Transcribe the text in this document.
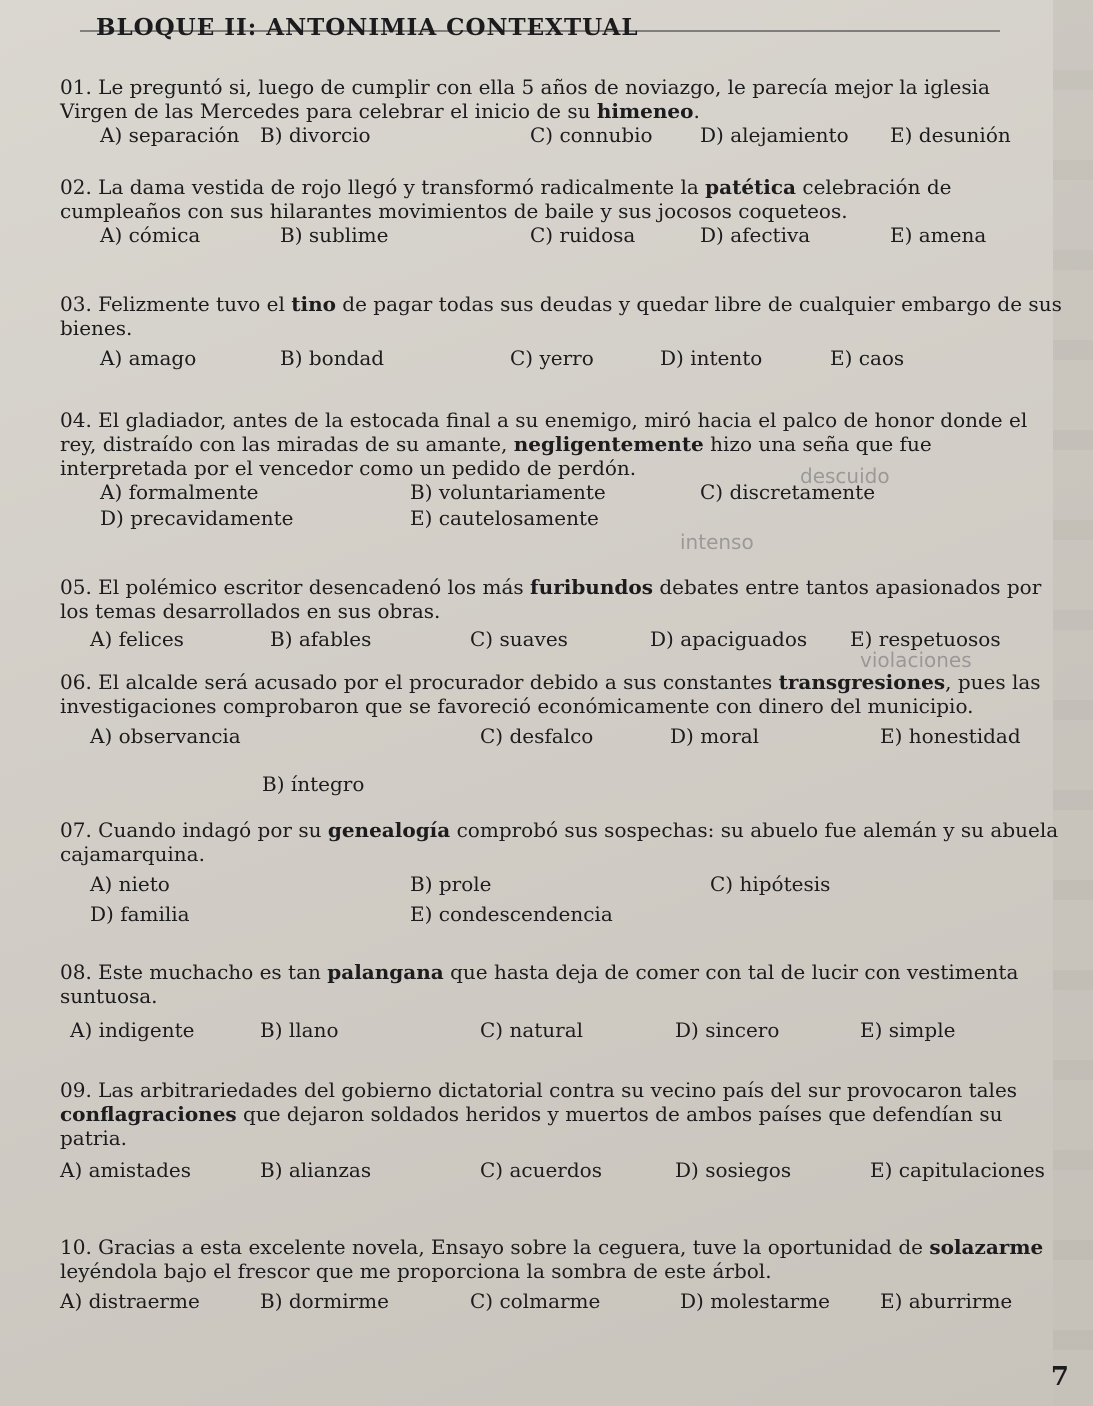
BLOQUE II: ANTONIMIA CONTEXTUAL
01. Le preguntó si, luego de cumplir con ella 5 años de noviazgo, le parecía mejor la iglesia Virgen de las Mercedes para celebrar el inicio de su himeneo.
A) separación B) divorcio	C) connubio D) alejamiento E) desunión
02. La dama vestida de rojo llegó y transformó radicalmente la patética celebración de cumpleaños con sus hilarantes movimientos de baile y sus jocosos coqueteos.
A) cómica	B) sublime	C) ruidosa	D) afectiva	E) amena
03. Felizmente tuvo el tino de pagar todas sus deudas y quedar libre de cualquier embargo de sus bienes.
A) amago	B) bondad	C) yerro	D) intento	E) caos
04. El gladiador, antes de la estocada final a su enemigo, miró hacia el palco de honor donde el rey, distraído con las miradas de su amante, negligentemente hizo una seña que fue interpretada por el vencedor como un pedido de perdón.
A) formalmente	B) voluntariamente	C) discretamente
D) precavidamente	E) cautelosamente
descuido
05. El polémico escritor desencadenó los más furibundos debates entre tantos apasionados por los temas desarrollados en sus obras.
A) felices	B) afables	C) suaves	D) apaciguados E) respetuosos
intenso
violaciones
06. El alcalde será acusado por el procurador debido a sus constantes transgresiones, pues las investigaciones comprobaron que se favoreció económicamente con dinero del municipio.
A) observancia	C) desfalco	D) moral	E) honestidad
B) íntegro
07. Cuando indagó por su genealogía comprobó sus sospechas: su abuelo fue alemán y su abuela cajamarquina.
A) nieto	B) prole	C) hipótesis
D) familia	E) condescendencia
08. Este muchacho es tan palangana que hasta deja de comer con tal de lucir con vestimenta suntuosa.
A) indigente	B) llano	C) natural	D) sincero	E) simple
09. Las arbitrariedades del gobierno dictatorial contra su vecino país del sur provocaron tales conflagraciones que dejaron soldados heridos y muertos de ambos países que defendían su patria.
A) amistades	B) alianzas	C) acuerdos	D) sosiegos	E) capitulaciones
10. Gracias a esta excelente novela, Ensayo sobre la ceguera, tuve la oportunidad de solazarme leyéndola bajo el frescor que me proporciona la sombra de este árbol.
A) distraerme	B) dormirme	C) colmarme	D) molestarme E) aburrirme
7
